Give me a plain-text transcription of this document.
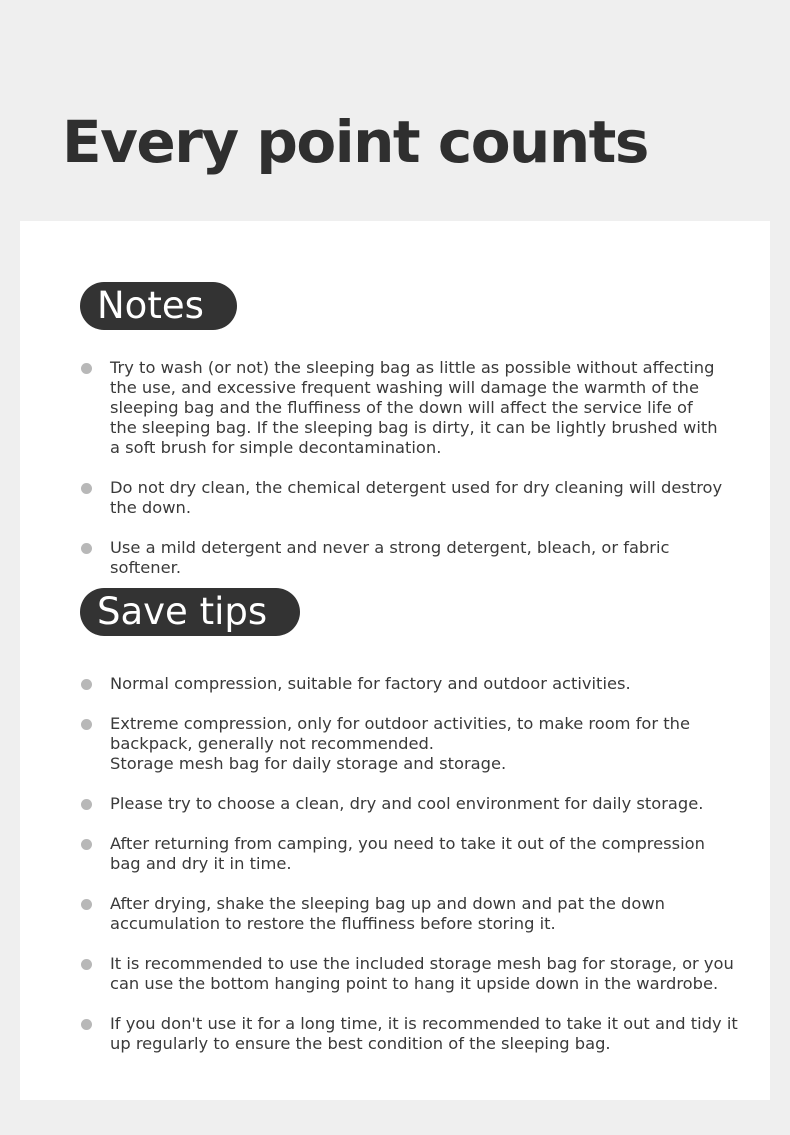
Every point counts
Notes
Try to wash (or not) the sleeping bag as little as possible without affecting
the use, and excessive frequent washing will damage the warmth of the
sleeping bag and the fluffiness of the down will affect the service life of
the sleeping bag. If the sleeping bag is dirty, it can be lightly brushed with
a soft brush for simple decontamination.
Do not dry clean, the chemical detergent used for dry cleaning will destroy
the down.
Use a mild detergent and never a strong detergent, bleach, or fabric
softener.
Save tips
Normal compression, suitable for factory and outdoor activities.
Extreme compression, only for outdoor activities, to make room for the
backpack, generally not recommended.
Storage mesh bag for daily storage and storage.
Please try to choose a clean, dry and cool environment for daily storage.
After returning from camping, you need to take it out of the compression
bag and dry it in time.
After drying, shake the sleeping bag up and down and pat the down
accumulation to restore the fluffiness before storing it.
It is recommended to use the included storage mesh bag for storage, or you
can use the bottom hanging point to hang it upside down in the wardrobe.
If you don't use it for a long time, it is recommended to take it out and tidy it
up regularly to ensure the best condition of the sleeping bag.
